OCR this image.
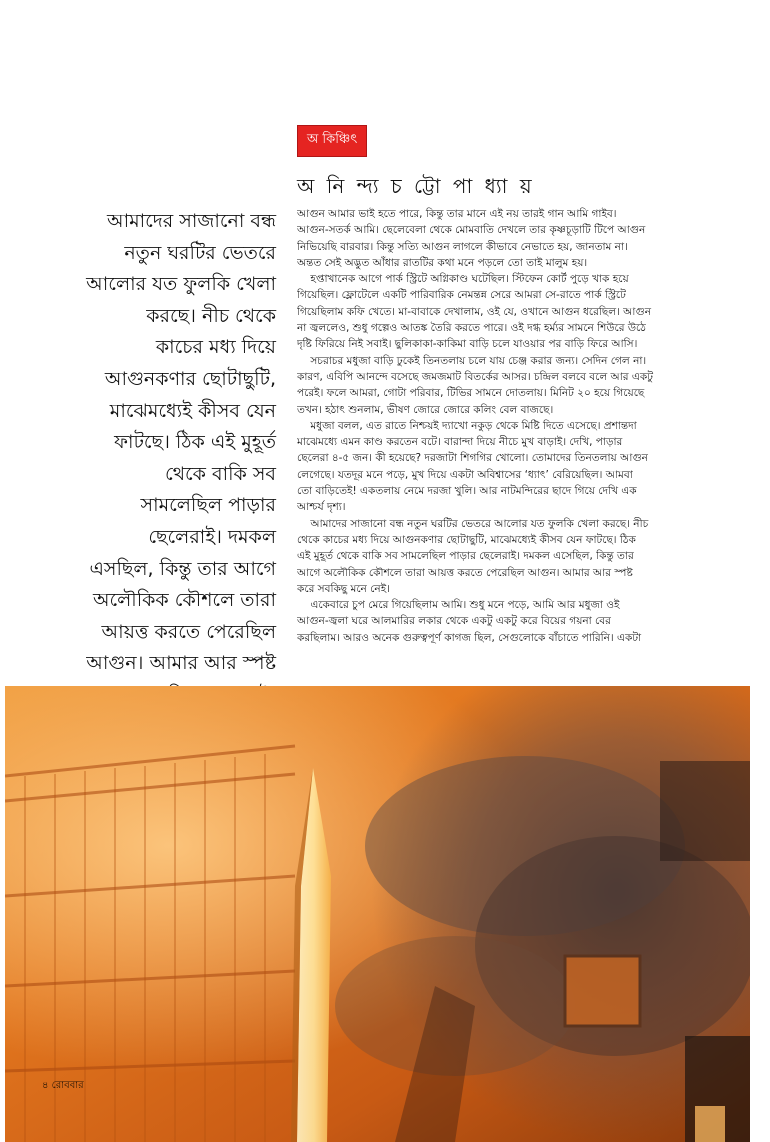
অ কিঞ্চিৎ
অ নি ন্দ্য চ ট্টো পা ধ্যা য়
আমাদের সাজানো বন্ধ
নতুন ঘরটির ভেতরে
আলোর যত ফুলকি খেলা
করছে। নীচ থেকে
কাচের মধ্য দিয়ে
আগুনকণার ছোটাছুটি,
মাঝেমধ্যেই কীসব যেন
ফাটছে। ঠিক এই মুহূর্ত
থেকে বাকি সব
সামলেছিল পাড়ার
ছেলেরাই। দমকল
এসছিল, কিন্তু তার আগে
অলৌকিক কৌশলে তারা
আয়ত্ত করতে পেরেছিল
আগুন। আমার আর স্পষ্ট
আগুন আমার ভাই হতে পারে, কিন্তু তার মানে এই নয় তারই গান আমি গাইব।
আগুন-সতর্ক আমি। ছেলেবেলা থেকে মোমবাতি দেখলে তার কৃষ্ণচূড়াটি টিপে আগুন
নিভিয়েছি বারবার। কিন্তু সত্যি আগুন লাগলে কীভাবে নেভাতে হয়, জানতাম না।
অন্তত সেই অদ্ভুত আঁধার রাতটির কথা মনে পড়লে তো তাই মালুম হয়।
হপ্তাখানেক আগে পার্ক স্ট্রিটে অগ্নিকাণ্ড ঘটেছিল। স্টিফেন কোর্ট পুড়ে খাক হয়ে
গিয়েছিল। ফ্লোটেলে একটি পারিবারিক নেমন্তন্ন সেরে আমরা সে-রাতে পার্ক স্ট্রিটে
গিয়েছিলাম কফি খেতে। মা-বাবাকে দেখালাম, ওই যে, ওখানে আগুন ধরেছিল। আগুন
না জ্বললেও, শুধু গল্পেও আতঙ্ক তৈরি করতে পারে। ওই দগ্ধ হর্ম্যর সামনে শিউরে উঠে
দৃষ্টি ফিরিয়ে নিই সবাই। ছুলিকাকা-কাকিমা বাড়ি চলে যাওয়ার পর বাড়ি ফিরে আসি।
সচরাচর মধুজা বাড়ি ঢুকেই তিনতলায় চলে যায় চেঞ্জ করার জন্য। সেদিন গেল না।
কারণ, এবিপি আনন্দে বসেছে জমজমাট বিতর্কের আসর। চন্দ্রিল বলবে বলে আর একটু
পরেই। ফলে আমরা, গোটা পরিবার, টিভির সামনে দোতলায়। মিনিট ২০ হয়ে গিয়েছে
তখন। হঠাৎ শুনলাম, ভীষণ জোরে জোরে কলিং বেল বাজছে।
মধুজা বলল, এত রাতে নিশ্চয়ই দ্যাখো নকুড় থেকে মিষ্টি দিতে এসেছে। প্রশান্তদা
মাঝেমধ্যে এমন কাণ্ড করতেন বটে। বারান্দা দিয়ে নীচে মুখ বাড়াই। দেখি, পাড়ার
ছেলেরা ৪-৫ জন। কী হয়েছে? দরজাটা শিগগির খোলো। তোমাদের তিনতলায় আগুন
লেগেছে। যতদূর মনে পড়ে, মুখ দিয়ে একটা অবিশ্বাসের ‘ধ্যাৎ’ বেরিয়েছিল। আমবা
তো বাড়িতেই! একতলায় নেমে দরজা খুলি। আর নাটমন্দিরের ছাদে গিয়ে দেখি এক
আশ্চর্য দৃশ্য।
আমাদের সাজানো বন্ধ নতুন ঘরটির ভেতরে আলোর যত ফুলকি খেলা করছে। নীচ
থেকে কাচের মধ্য দিয়ে আগুনকণার ছোটাছুটি, মাঝেমধ্যেই কীসব যেন ফাটছে। ঠিক
এই মুহূর্ত থেকে বাকি সব সামলেছিল পাড়ার ছেলেরাই। দমকল এসেছিল, কিন্তু তার
আগে অলৌকিক কৌশলে তারা আয়ত্ত করতে পেরেছিল আগুন। আমার আর স্পষ্ট
করে সবকিছু মনে নেই।
একেবারে চুপ মেরে গিয়েছিলাম আমি। শুধু মনে পড়ে, আমি আর মধুজা ওই
আগুন-জ্বলা ঘরে আলমারির লকার থেকে একটু একটু করে বিয়ের গয়না বের
করছিলাম। আরও অনেক গুরুত্বপূর্ণ কাগজ ছিল, সেগুলোকে বাঁচাতে পারিনি। একটা
৪ রোববার
